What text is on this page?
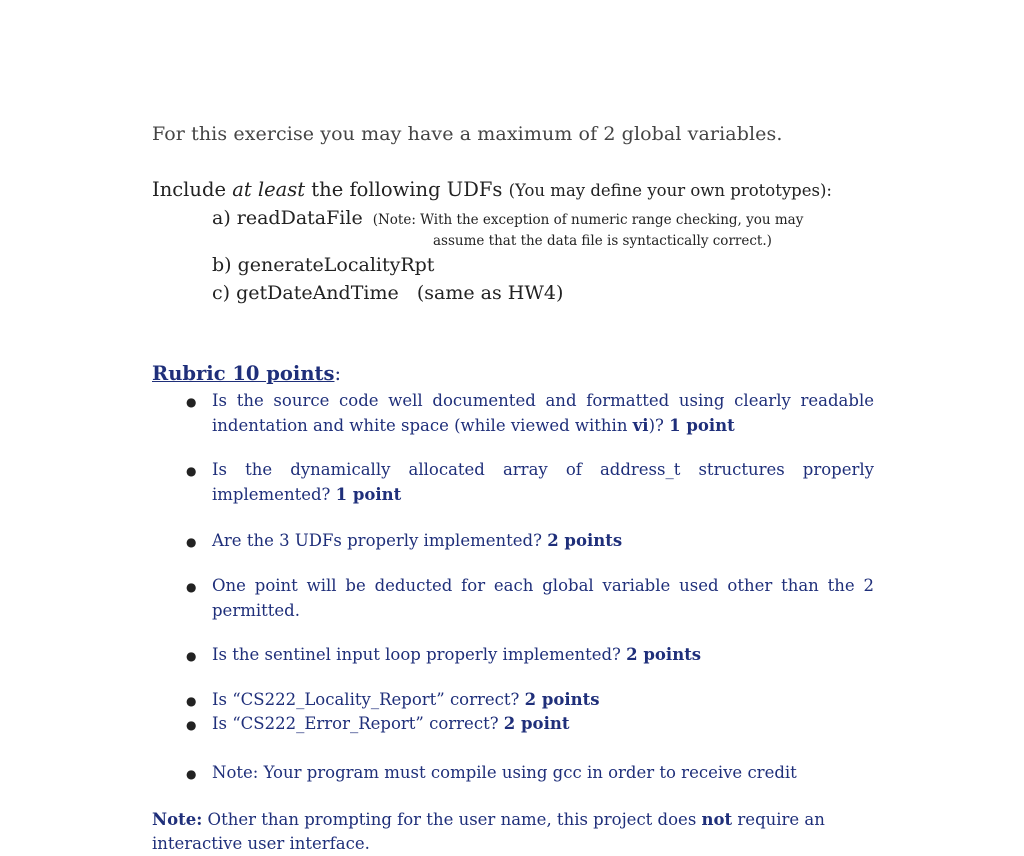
For this exercise you may have a maximum of 2 global variables.
Include at least the following UDFs (You may define your own prototypes):
a) readDataFile (Note: With the exception of numeric range checking, you may
assume that the data file is syntactically correct.)
b) generateLocalityRpt
c) getDateAndTime (same as HW4)
Rubric 10 points:
● Is the source code well documented and formatted using clearly readable indentation and white space (while viewed within vi)? 1 point
● Is the dynamically allocated array of address_t structures properly implemented? 1 point
● Are the 3 UDFs properly implemented? 2 points
● One point will be deducted for each global variable used other than the 2 permitted.
● Is the sentinel input loop properly implemented? 2 points
● Is “CS222_Locality_Report” correct? 2 points
● Is “CS222_Error_Report” correct? 2 point
● Note: Your program must compile using gcc in order to receive credit
Note: Other than prompting for the user name, this project does not require an interactive user interface.
